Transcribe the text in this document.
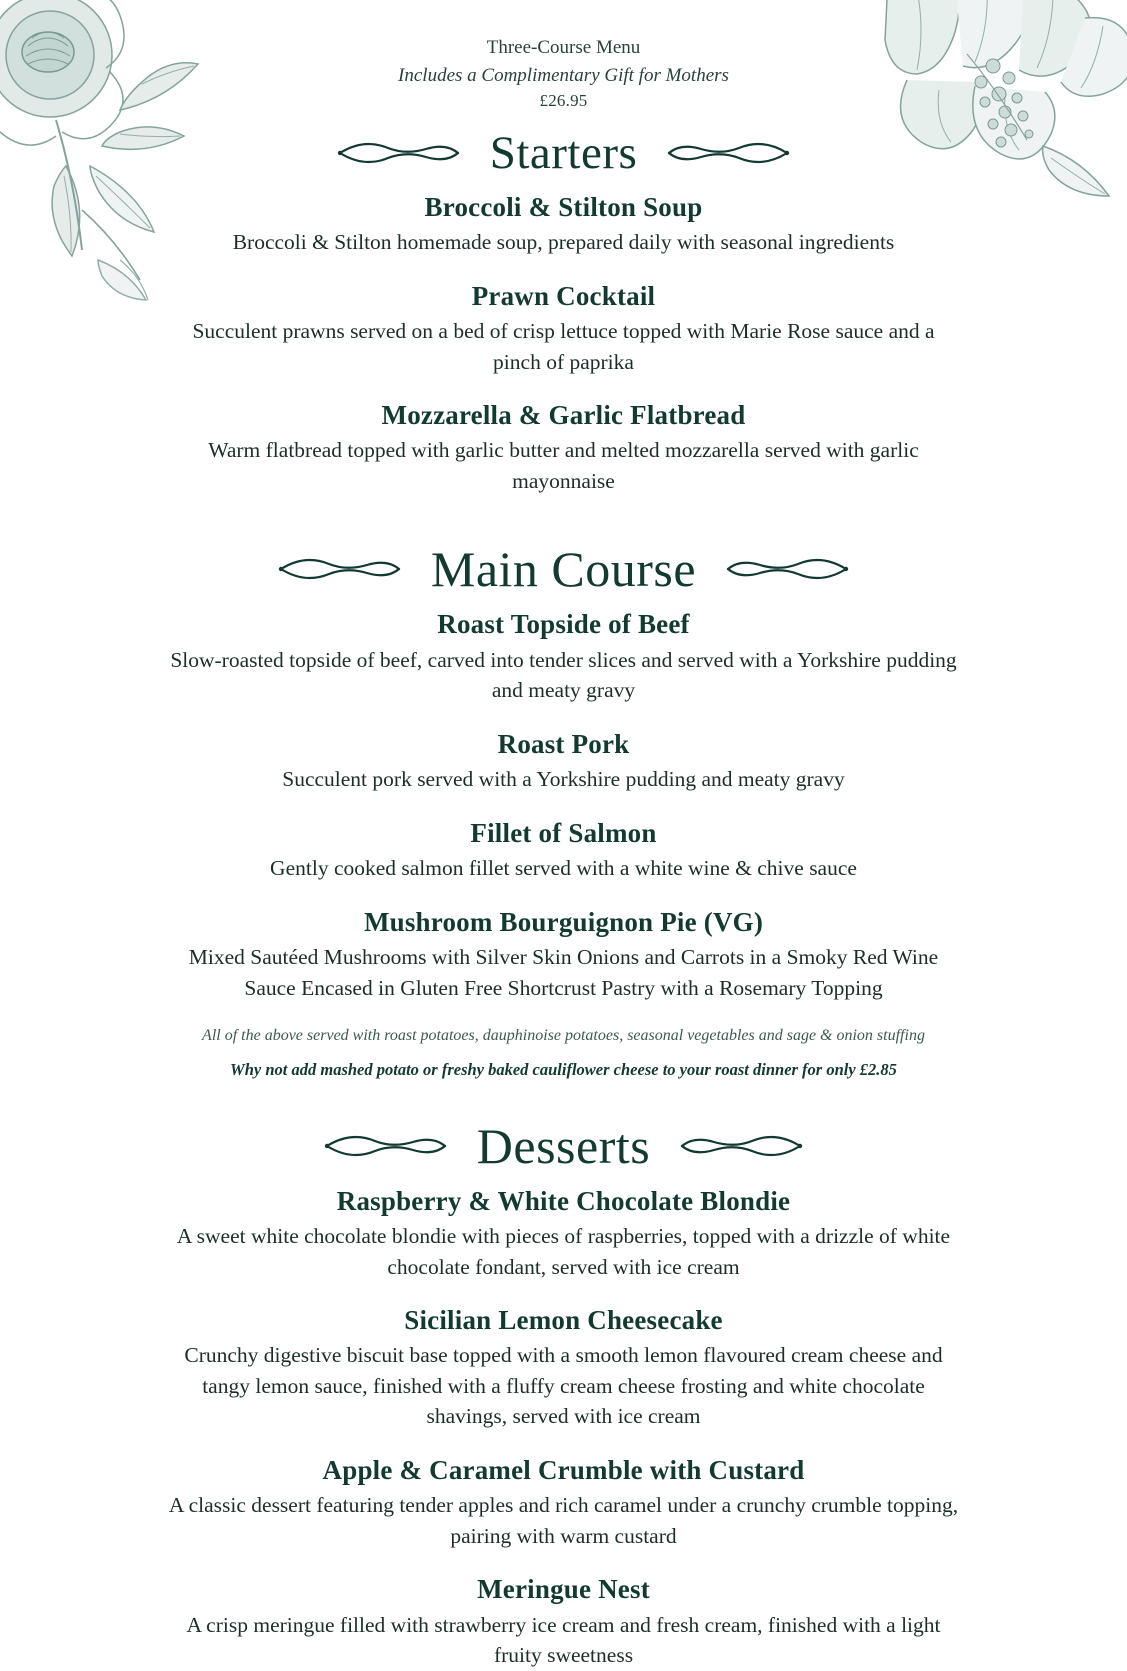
Three-Course Menu
Includes a Complimentary Gift for Mothers
£26.95
Starters
Broccoli & Stilton Soup
Broccoli & Stilton homemade soup, prepared daily with seasonal ingredients
Prawn Cocktail
Succulent prawns served on a bed of crisp lettuce topped with Marie Rose sauce and a pinch of paprika
Mozzarella & Garlic Flatbread
Warm flatbread topped with garlic butter and melted mozzarella served with garlic mayonnaise
Main Course
Roast Topside of Beef
Slow-roasted topside of beef, carved into tender slices and served with a Yorkshire pudding and meaty gravy
Roast Pork
Succulent pork served with a Yorkshire pudding and meaty gravy
Fillet of Salmon
Gently cooked salmon fillet served with a white wine & chive sauce
Mushroom Bourguignon Pie (VG)
Mixed Sautéed Mushrooms with Silver Skin Onions and Carrots in a Smoky Red Wine Sauce Encased in Gluten Free Shortcrust Pastry with a Rosemary Topping
All of the above served with roast potatoes, dauphinoise potatoes, seasonal vegetables and sage & onion stuffing
Why not add mashed potato or freshy baked cauliflower cheese to your roast dinner for only £2.85
Desserts
Raspberry & White Chocolate Blondie
A sweet white chocolate blondie with pieces of raspberries, topped with a drizzle of white chocolate fondant, served with ice cream
Sicilian Lemon Cheesecake
Crunchy digestive biscuit base topped with a smooth lemon flavoured cream cheese and tangy lemon sauce, finished with a fluffy cream cheese frosting and white chocolate shavings, served with ice cream
Apple & Caramel Crumble with Custard
A classic dessert featuring tender apples and rich caramel under a crunchy crumble topping, pairing with warm custard
Meringue Nest
A crisp meringue filled with strawberry ice cream and fresh cream, finished with a light fruity sweetness
